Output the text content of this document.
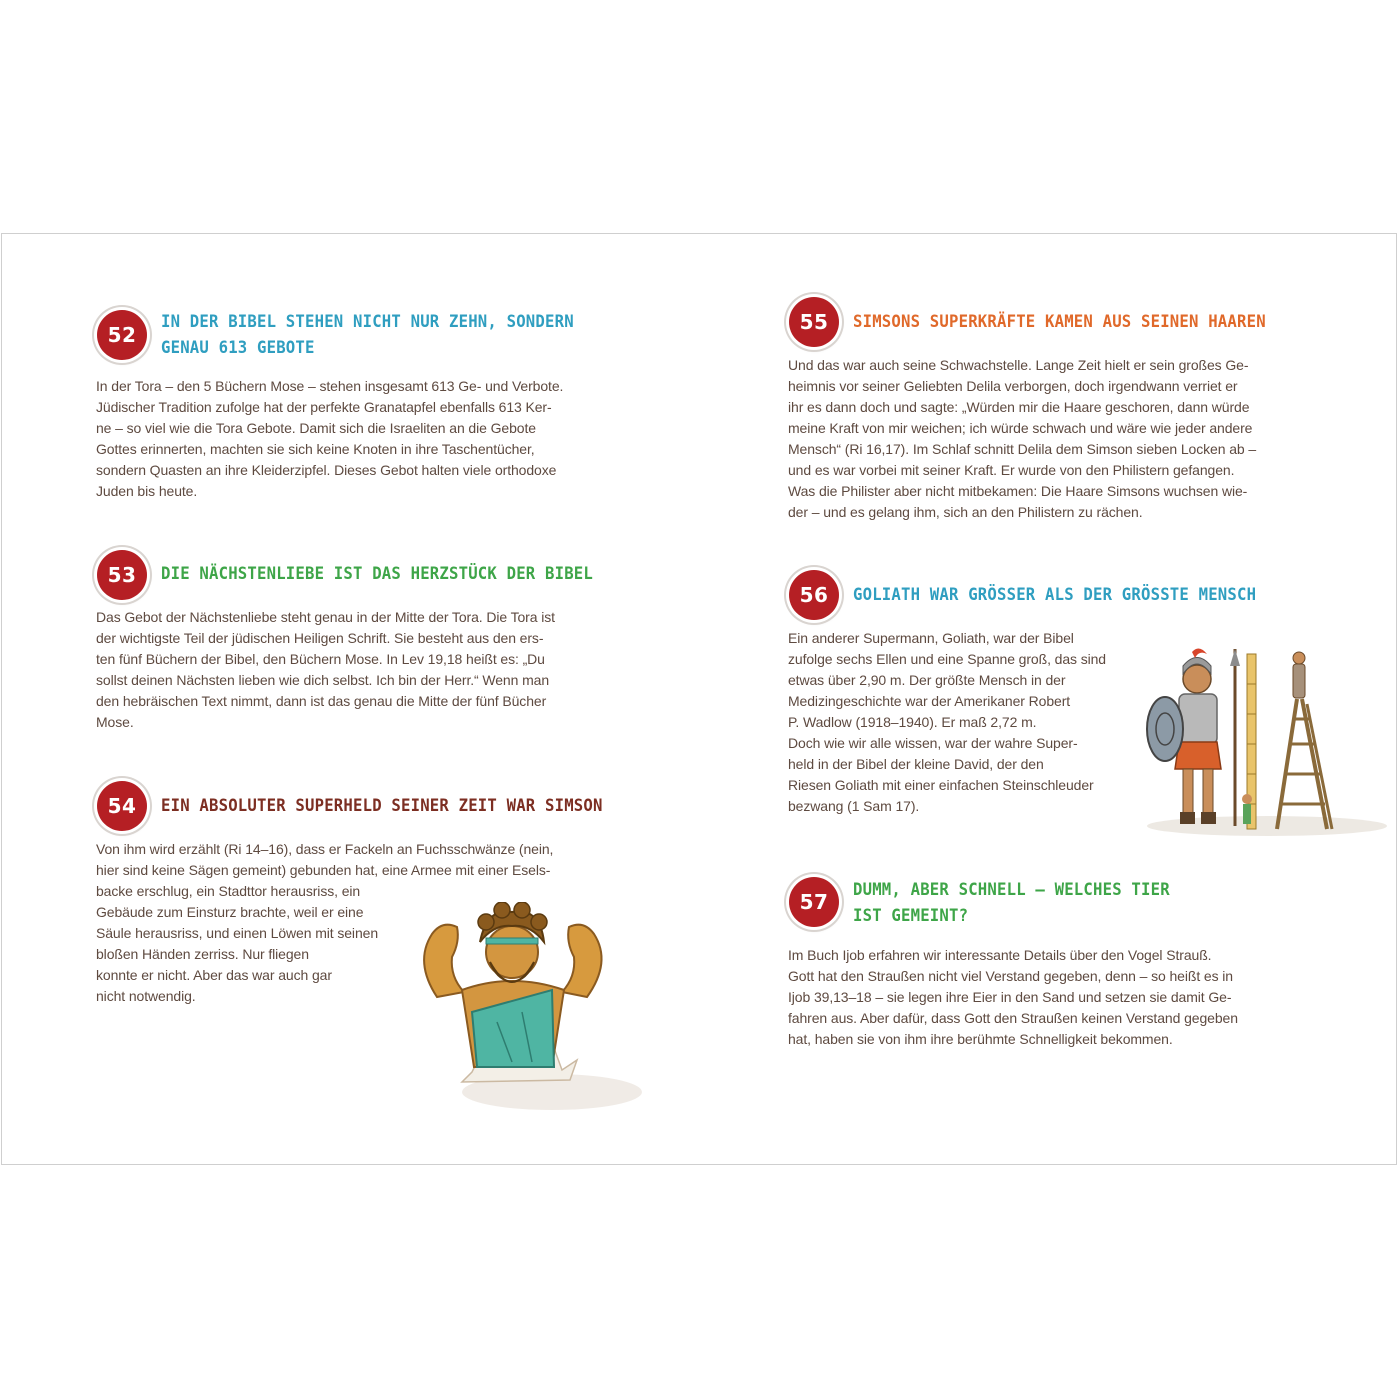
52
IN DER BIBEL STEHEN NICHT NUR ZEHN, SONDERN
GENAU 613 GEBOTE

In der Tora – den 5 Büchern Mose – stehen insgesamt 613 Ge- und Verbote.
Jüdischer Tradition zufolge hat der perfekte Granatapfel ebenfalls 613 Ker-
ne – so viel wie die Tora Gebote. Damit sich die Israeliten an die Gebote
Gottes erinnerten, machten sie sich keine Knoten in ihre Taschentücher,
sondern Quasten an ihre Kleiderzipfel. Dieses Gebot halten viele orthodoxe
Juden bis heute.

53	DIE NÄCHSTENLIEBE IST DAS HERZSTÜCK DER BIBEL

Das Gebot der Nächstenliebe steht genau in der Mitte der Tora. Die Tora ist
der wichtigste Teil der jüdischen Heiligen Schrift. Sie besteht aus den ers-
ten fünf Büchern der Bibel, den Büchern Mose. In Lev 19,18 heißt es: „Du
sollst deinen Nächsten lieben wie dich selbst. Ich bin der Herr.“ Wenn man
den hebräischen Text nimmt, dann ist das genau die Mitte der fünf Bücher
Mose.

54	EIN ABSOLUTER SUPERHELD SEINER ZEIT WAR SIMSON

Von ihm wird erzählt (Ri 14–16), dass er Fackeln an Fuchsschwänze (nein,
hier sind keine Sägen gemeint) gebunden hat, eine Armee mit einer Esels-
backe erschlug, ein Stadttor herausriss, ein
Gebäude zum Einsturz brachte, weil er eine
Säule herausriss, und einen Löwen mit seinen
bloßen Händen zerriss. Nur fliegen
konnte er nicht. Aber das war auch gar
nicht notwendig.

55	SIMSONS SUPERKRÄFTE KAMEN AUS SEINEN HAAREN

Und das war auch seine Schwachstelle. Lange Zeit hielt er sein großes Ge-
heimnis vor seiner Geliebten Delila verborgen, doch irgendwann verriet er
ihr es dann doch und sagte: „Würden mir die Haare geschoren, dann würde
meine Kraft von mir weichen; ich würde schwach und wäre wie jeder andere
Mensch“ (Ri 16,17). Im Schlaf schnitt Delila dem Simson sieben Locken ab –
und es war vorbei mit seiner Kraft. Er wurde von den Philistern gefangen.
Was die Philister aber nicht mitbekamen: Die Haare Simsons wuchsen wie-
der – und es gelang ihm, sich an den Philistern zu rächen.

56	GOLIATH WAR GRÖSSER ALS DER GRÖSSTE MENSCH

Ein anderer Supermann, Goliath, war der Bibel
zufolge sechs Ellen und eine Spanne groß, das sind
etwas über 2,90 m. Der größte Mensch in der
Medizingeschichte war der Amerikaner Robert
P. Wadlow (1918–1940). Er maß 2,72 m.
Doch wie wir alle wissen, war der wahre Super-
held in der Bibel der kleine David, der den
Riesen Goliath mit einer einfachen Steinschleuder
bezwang (1 Sam 17).

57	DUMM, ABER SCHNELL – WELCHES TIER
IST GEMEINT?

Im Buch Ijob erfahren wir interessante Details über den Vogel Strauß.
Gott hat den Straußen nicht viel Verstand gegeben, denn – so heißt es in
Ijob 39,13–18 – sie legen ihre Eier in den Sand und setzen sie damit Ge-
fahren aus. Aber dafür, dass Gott den Straußen keinen Verstand gegeben
hat, haben sie von ihm ihre berühmte Schnelligkeit bekommen.
